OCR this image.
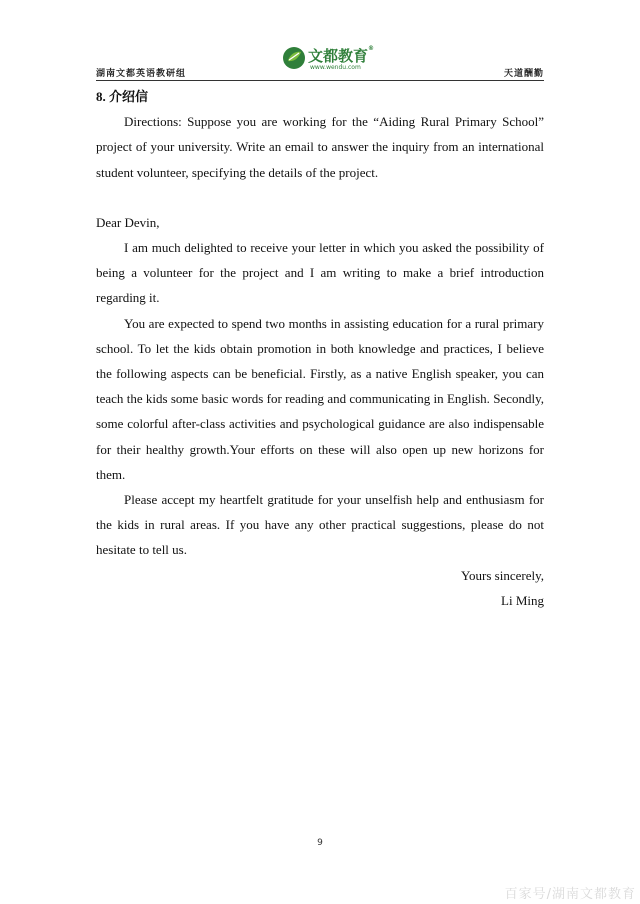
湖南文都英语教研组
文都教育®
www.wendu.com
天道酬勤

8. 介绍信

Directions: Suppose you are working for the “Aiding Rural Primary School” project of your university. Write an email to answer the inquiry from an international student volunteer, specifying the details of the project.

Dear Devin,

I am much delighted to receive your letter in which you asked the possibility of being a volunteer for the project and I am writing to make a brief introduction regarding it.

You are expected to spend two months in assisting education for a rural primary school. To let the kids obtain promotion in both knowledge and practices, I believe the following aspects can be beneficial. Firstly, as a native English speaker, you can teach the kids some basic words for reading and communicating in English. Secondly, some colorful after-class activities and psychological guidance are also indispensable for their healthy growth.Your efforts on these will also open up new horizons for them.

Please accept my heartfelt gratitude for your unselfish help and enthusiasm for the kids in rural areas. If you have any other practical suggestions, please do not hesitate to tell us.

Yours sincerely,

Li Ming

9
百家号/湖南文都教育
